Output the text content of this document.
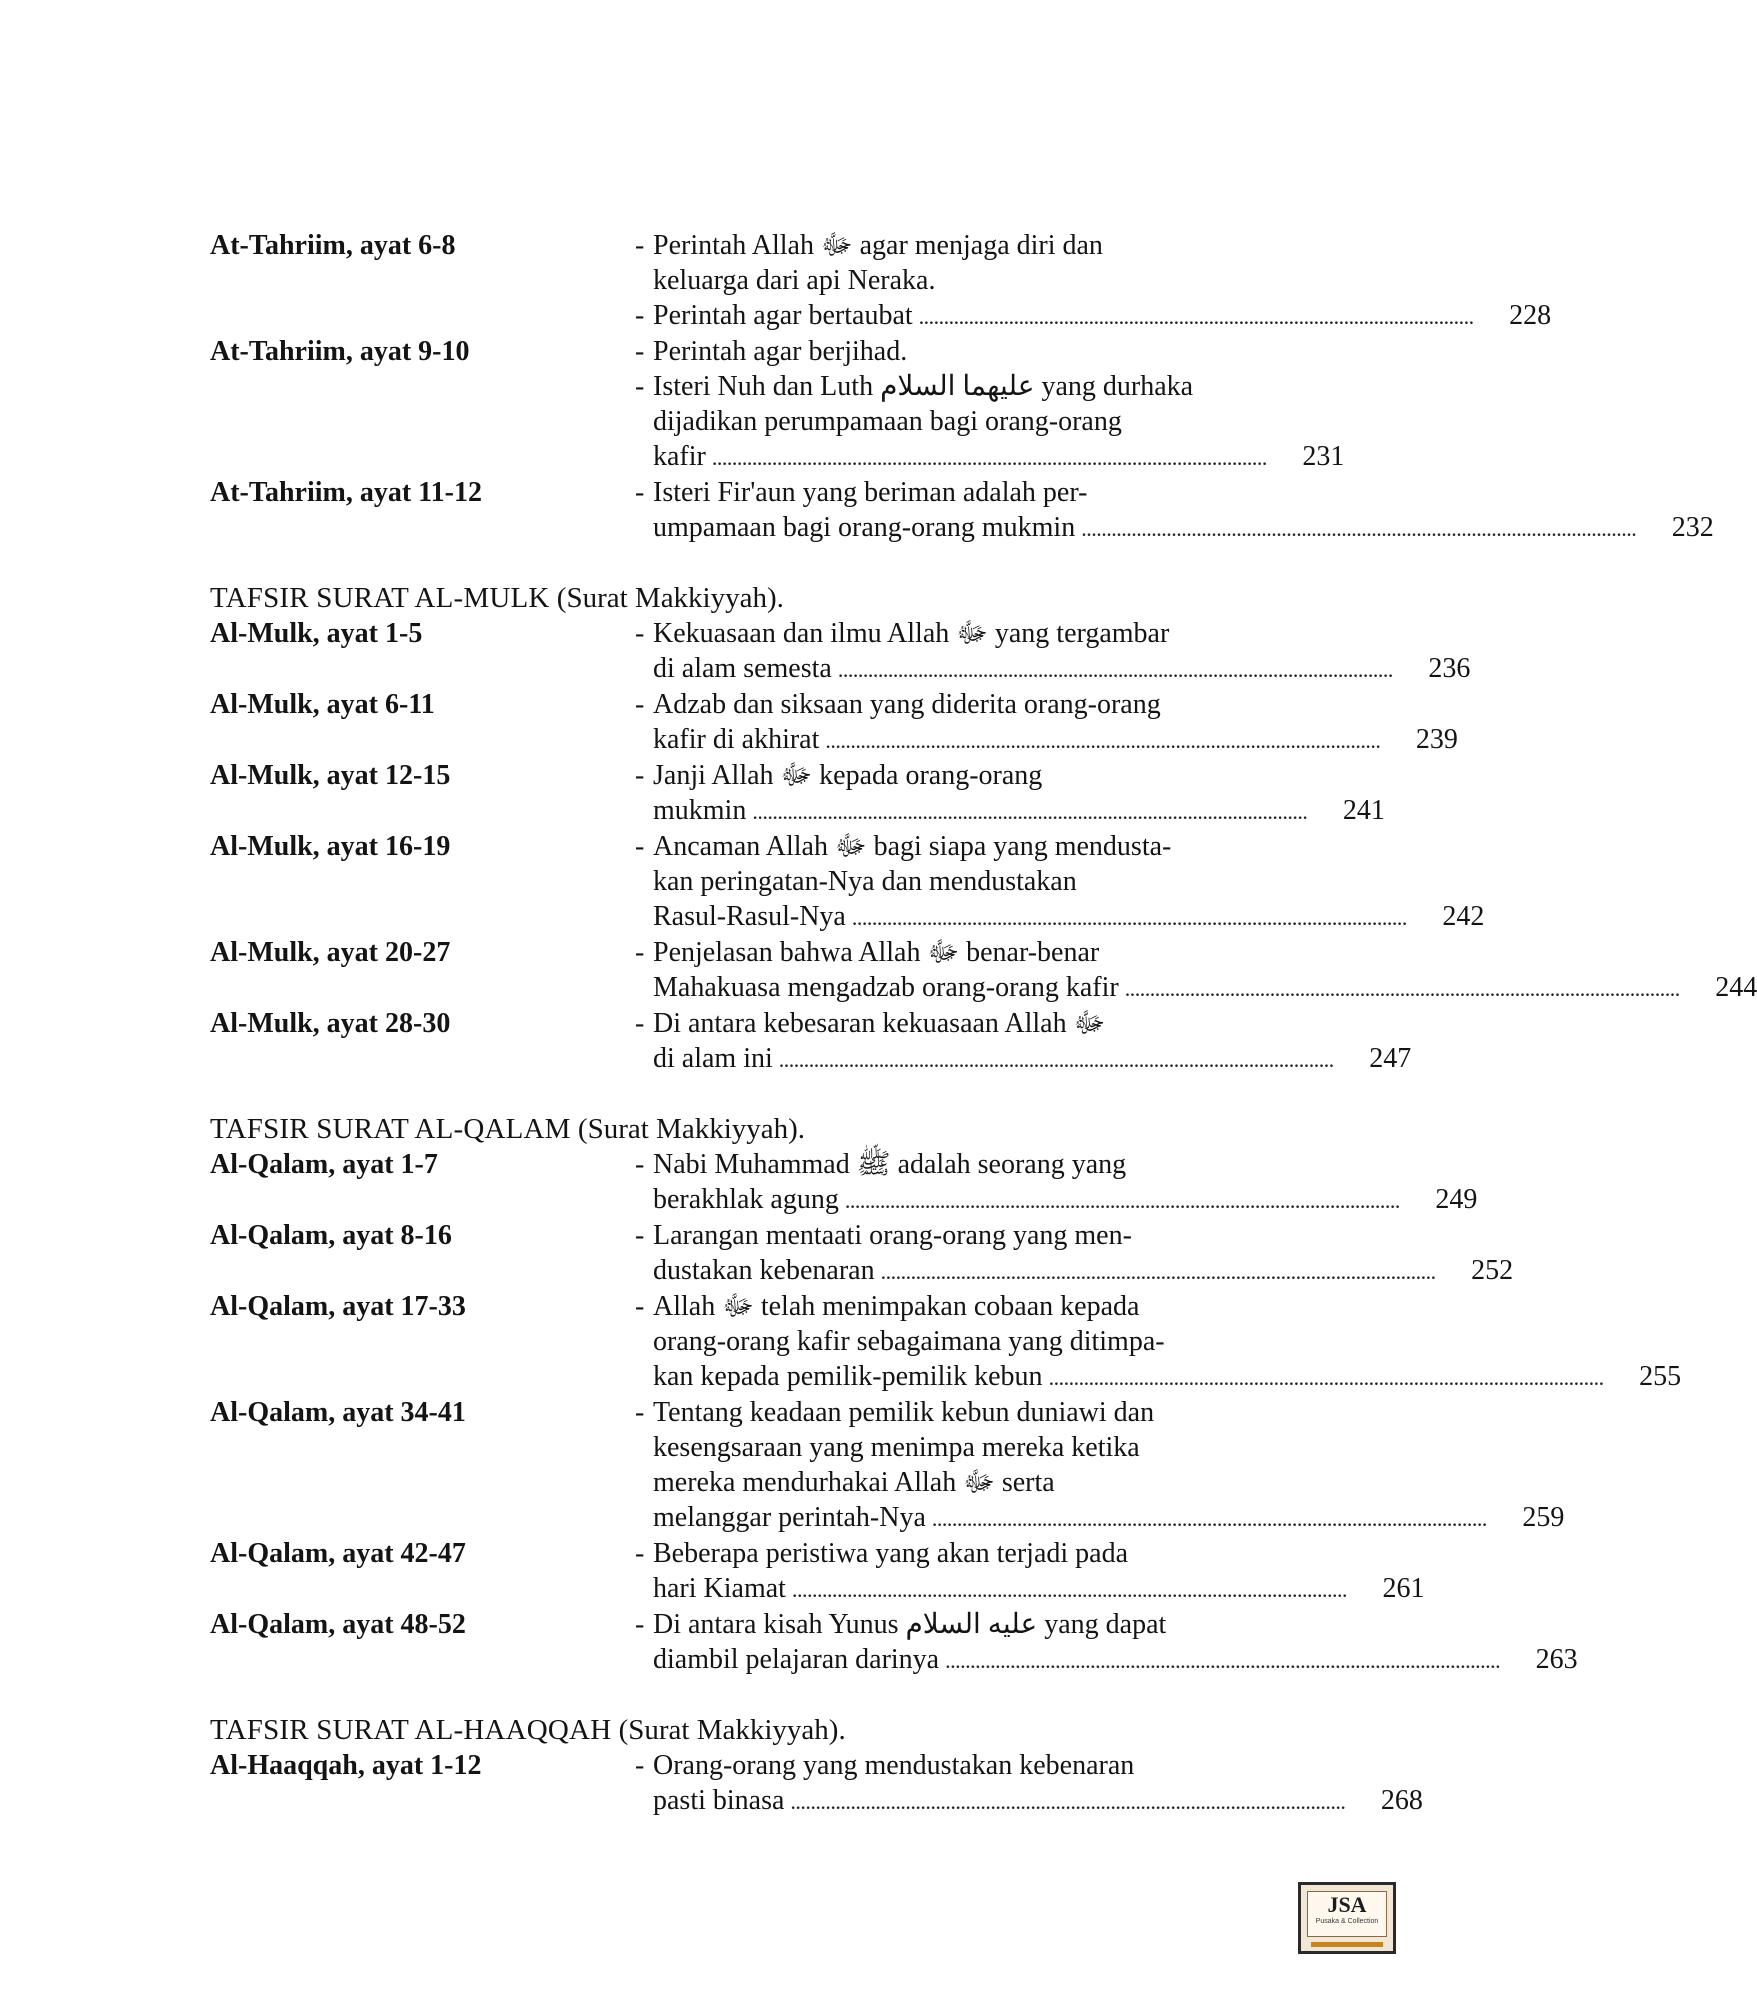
At-Tahriim, ayat 6-8	- Perintah Allah ﷻ agar menjaga diri dan
keluarga dari api Neraka.
- Perintah agar bertaubat . . .	228
At-Tahriim, ayat 9-10	- Perintah agar berjihad.
- Isteri Nuh dan Luth عليهما السلام yang durhaka
dijadikan perumpamaan bagi orang-orang
kafir . . .	231
At-Tahriim, ayat 11-12	- Isteri Fir'aun yang beriman adalah per-
umpamaan bagi orang-orang mukmin . . .	232
TAFSIR SURAT AL-MULK (Surat Makkiyyah).
Al-Mulk, ayat 1-5	- Kekuasaan dan ilmu Allah ﷻ yang tergambar
di alam semesta . . .	236
Al-Mulk, ayat 6-11	- Adzab dan siksaan yang diderita orang-orang
kafir di akhirat . . .	239
Al-Mulk, ayat 12-15	- Janji Allah ﷻ kepada orang-orang
mukmin . . .	241
Al-Mulk, ayat 16-19	- Ancaman Allah ﷻ bagi siapa yang mendusta-
kan peringatan-Nya dan mendustakan
Rasul-Rasul-Nya . . .	242
Al-Mulk, ayat 20-27	- Penjelasan bahwa Allah ﷻ benar-benar
Mahakuasa mengadzab orang-orang kafir . . .	244
Al-Mulk, ayat 28-30	- Di antara kebesaran kekuasaan Allah ﷻ
di alam ini . . .	247
TAFSIR SURAT AL-QALAM (Surat Makkiyyah).
Al-Qalam, ayat 1-7	- Nabi Muhammad ﷺ adalah seorang yang
berakhlak agung . . .	249
Al-Qalam, ayat 8-16	- Larangan mentaati orang-orang yang men-
dustakan kebenaran . . .	252
Al-Qalam, ayat 17-33	- Allah ﷻ telah menimpakan cobaan kepada
orang-orang kafir sebagaimana yang ditimpa-
kan kepada pemilik-pemilik kebun . . .	255
Al-Qalam, ayat 34-41	- Tentang keadaan pemilik kebun duniawi dan
kesengsaraan yang menimpa mereka ketika
mereka mendurhakai Allah ﷻ serta
melanggar perintah-Nya . . .	259
Al-Qalam, ayat 42-47	- Beberapa peristiwa yang akan terjadi pada
hari Kiamat . . .	261
Al-Qalam, ayat 48-52	- Di antara kisah Yunus عليه السلام yang dapat
diambil pelajaran darinya . . .	263
TAFSIR SURAT AL-HAAQQAH (Surat Makkiyyah).
Al-Haaqqah, ayat 1-12	- Orang-orang yang mendustakan kebenaran
pasti binasa . . .	268
JSA
Pusaka & Collection
